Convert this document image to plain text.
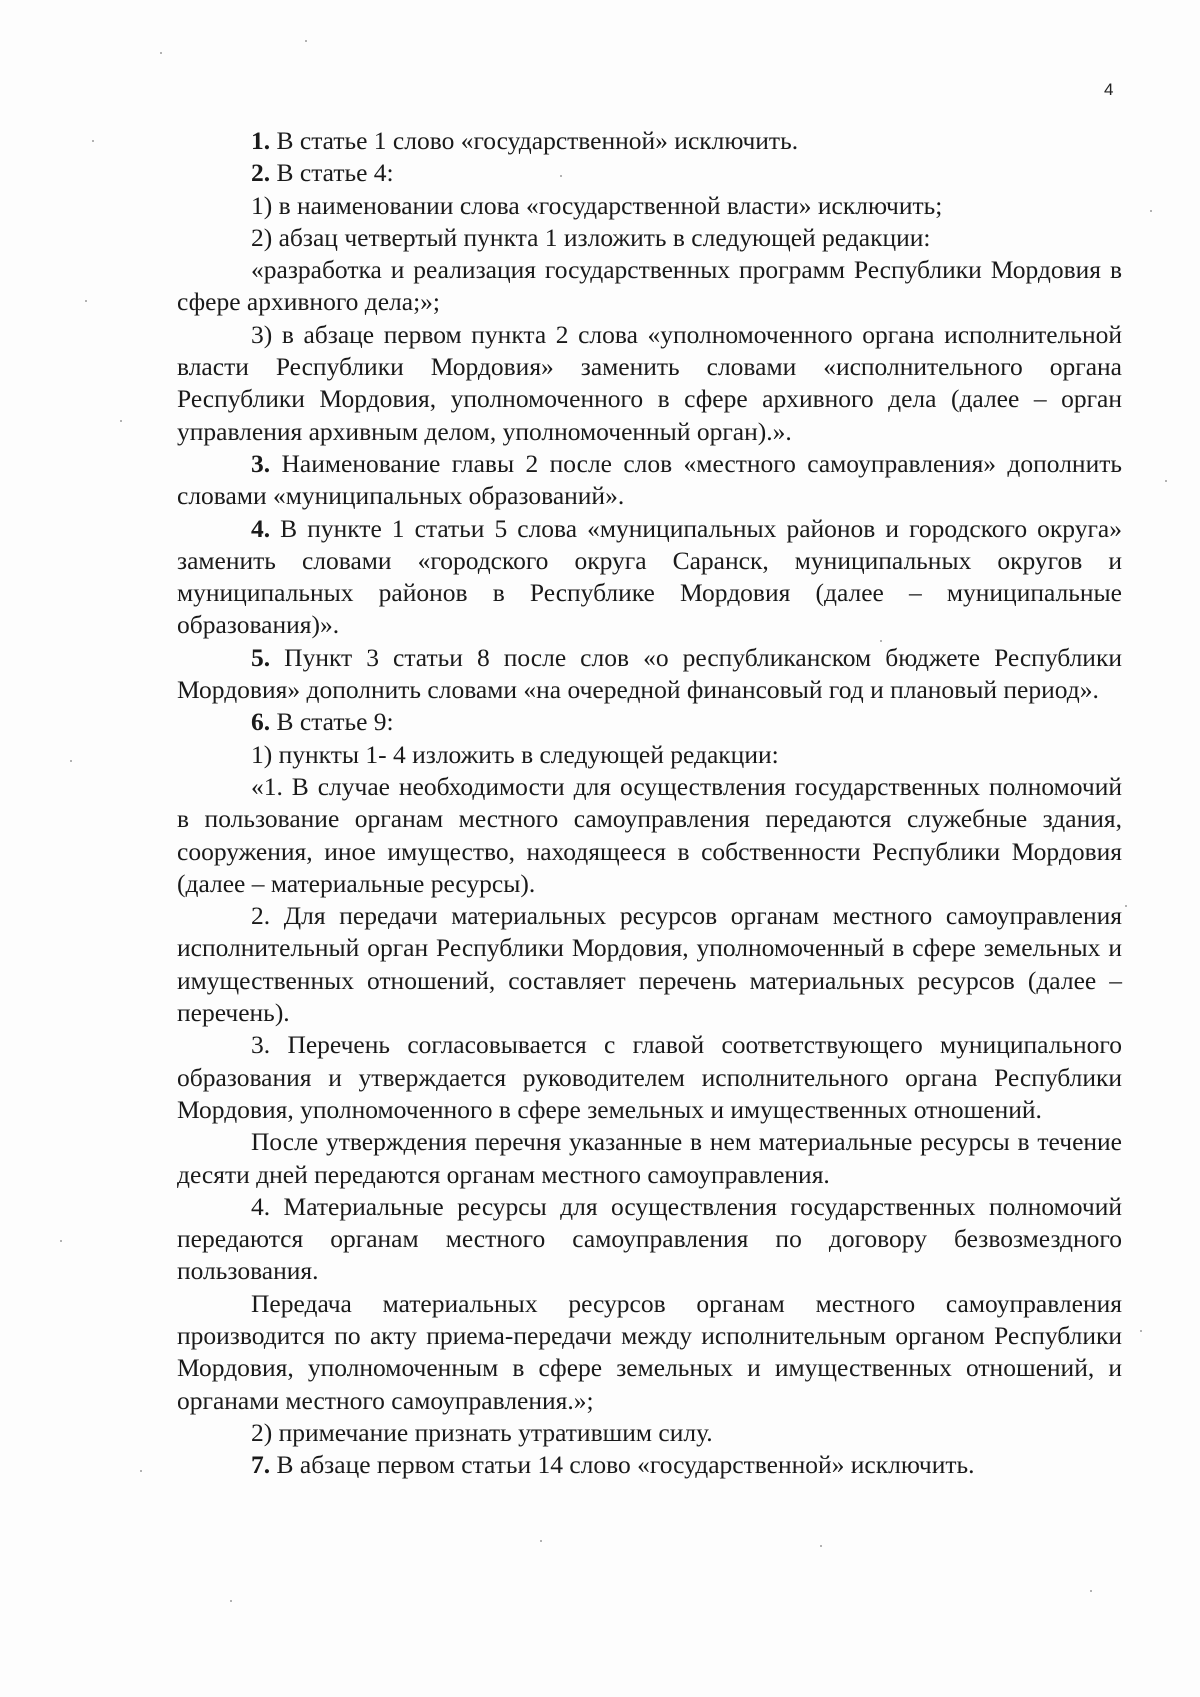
4

1. В статье 1 слово «государственной» исключить.

2. В статье 4:

1) в наименовании слова «государственной власти» исключить;

2) абзац четвертый пункта 1 изложить в следующей редакции:

«разработка и реализация государственных программ Республики Мордовия в сфере архивного дела;»;

3) в абзаце первом пункта 2 слова «уполномоченного органа исполнительной власти Республики Мордовия» заменить словами «исполнительного органа Республики Мордовия, уполномоченного в сфере архивного дела (далее – орган управления архивным делом, уполномоченный орган).».

3. Наименование главы 2 после слов «местного самоуправления» дополнить словами «муниципальных образований».

4. В пункте 1 статьи 5 слова «муниципальных районов и городского округа» заменить словами «городского округа Саранск, муниципальных округов и муниципальных районов в Республике Мордовия (далее – муниципальные образования)».

5. Пункт 3 статьи 8 после слов «о республиканском бюджете Республики Мордовия» дополнить словами «на очередной финансовый год и плановый период».

6. В статье 9:

1) пункты 1- 4 изложить в следующей редакции:

«1. В случае необходимости для осуществления государственных полномочий в пользование органам местного самоуправления передаются служебные здания, сооружения, иное имущество, находящееся в собственности Республики Мордовия (далее – материальные ресурсы).

2. Для передачи материальных ресурсов органам местного самоуправления исполнительный орган Республики Мордовия, уполномоченный в сфере земельных и имущественных отношений, составляет перечень материальных ресурсов (далее – перечень).

3. Перечень согласовывается с главой соответствующего муниципального образования и утверждается руководителем исполнительного органа Республики Мордовия, уполномоченного в сфере земельных и имущественных отношений.

После утверждения перечня указанные в нем материальные ресурсы в течение десяти дней передаются органам местного самоуправления.

4. Материальные ресурсы для осуществления государственных полномочий передаются органам местного самоуправления по договору безвозмездного пользования.

Передача материальных ресурсов органам местного самоуправления производится по акту приема-передачи между исполнительным органом Республики Мордовия, уполномоченным в сфере земельных и имущественных отношений, и органами местного самоуправления.»;

2) примечание признать утратившим силу.

7. В абзаце первом статьи 14 слово «государственной» исключить.
